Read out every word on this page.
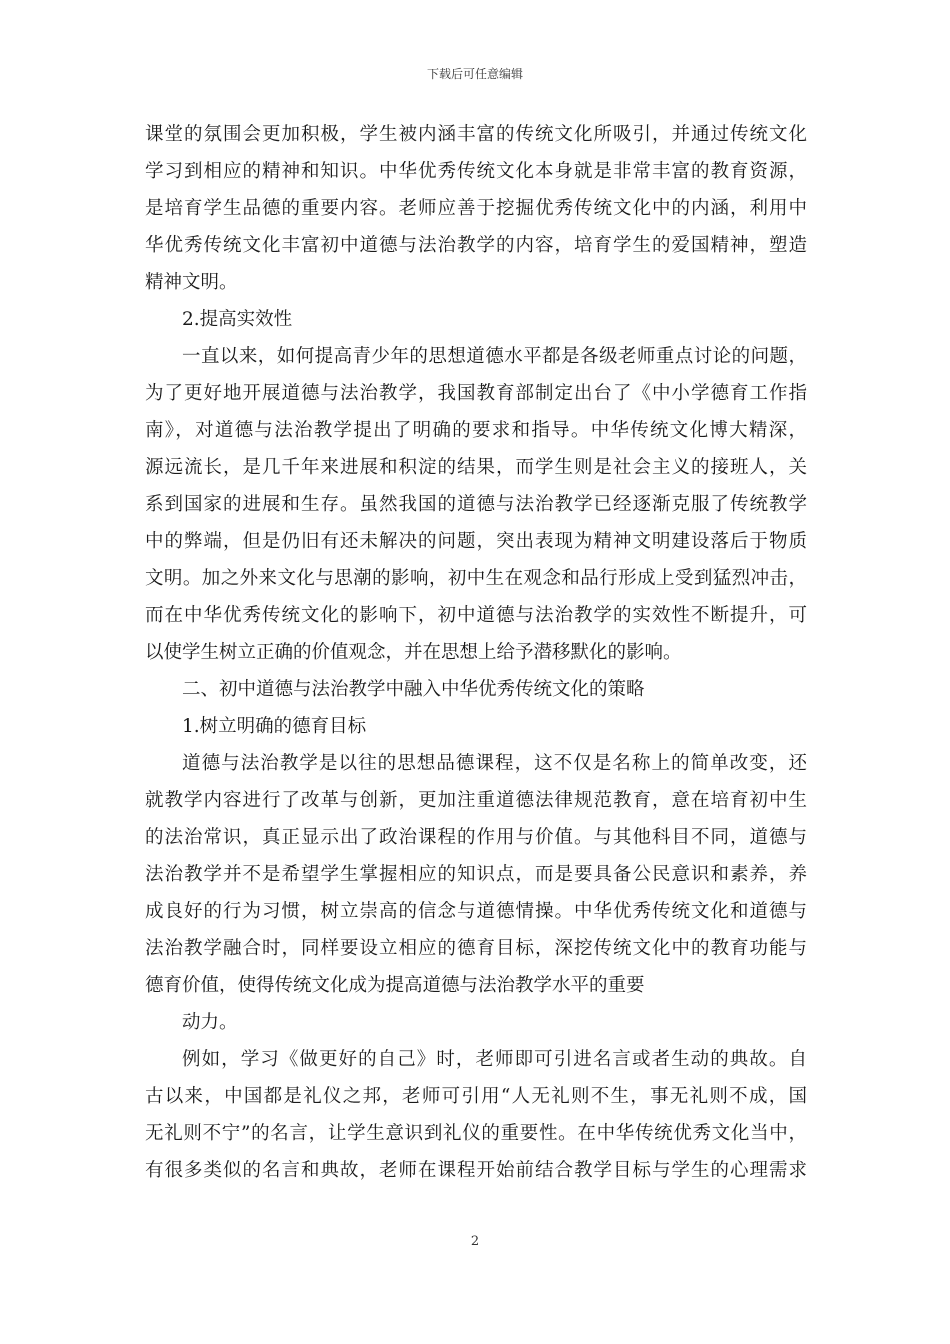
下载后可任意编辑
课堂的氛围会更加积极，学生被内涵丰富的传统文化所吸引，并通过传统文化
学习到相应的精神和知识。中华优秀传统文化本身就是非常丰富的教育资源，
是培育学生品德的重要内容。老师应善于挖掘优秀传统文化中的内涵，利用中
华优秀传统文化丰富初中道德与法治教学的内容，培育学生的爱国精神，塑造
精神文明。
2.提高实效性
一直以来，如何提高青少年的思想道德水平都是各级老师重点讨论的问题，
为了更好地开展道德与法治教学，我国教育部制定出台了《中小学德育工作指
南》，对道德与法治教学提出了明确的要求和指导。中华传统文化博大精深，
源远流长，是几千年来进展和积淀的结果，而学生则是社会主义的接班人，关
系到国家的进展和生存。虽然我国的道德与法治教学已经逐渐克服了传统教学
中的弊端，但是仍旧有还未解决的问题，突出表现为精神文明建设落后于物质
文明。加之外来文化与思潮的影响，初中生在观念和品行形成上受到猛烈冲击，
而在中华优秀传统文化的影响下，初中道德与法治教学的实效性不断提升，可
以使学生树立正确的价值观念，并在思想上给予潜移默化的影响。
二、初中道德与法治教学中融入中华优秀传统文化的策略
1.树立明确的德育目标
道德与法治教学是以往的思想品德课程，这不仅是名称上的简单改变，还
就教学内容进行了改革与创新，更加注重道德法律规范教育，意在培育初中生
的法治常识，真正显示出了政治课程的作用与价值。与其他科目不同，道德与
法治教学并不是希望学生掌握相应的知识点，而是要具备公民意识和素养，养
成良好的行为习惯，树立崇高的信念与道德情操。中华优秀传统文化和道德与
法治教学融合时，同样要设立相应的德育目标，深挖传统文化中的教育功能与
德育价值，使得传统文化成为提高道德与法治教学水平的重要
动力。
例如，学习《做更好的自己》时，老师即可引进名言或者生动的典故。自
古以来，中国都是礼仪之邦，老师可引用“人无礼则不生，事无礼则不成，国
无礼则不宁”的名言，让学生意识到礼仪的重要性。在中华传统优秀文化当中，
有很多类似的名言和典故，老师在课程开始前结合教学目标与学生的心理需求
2
